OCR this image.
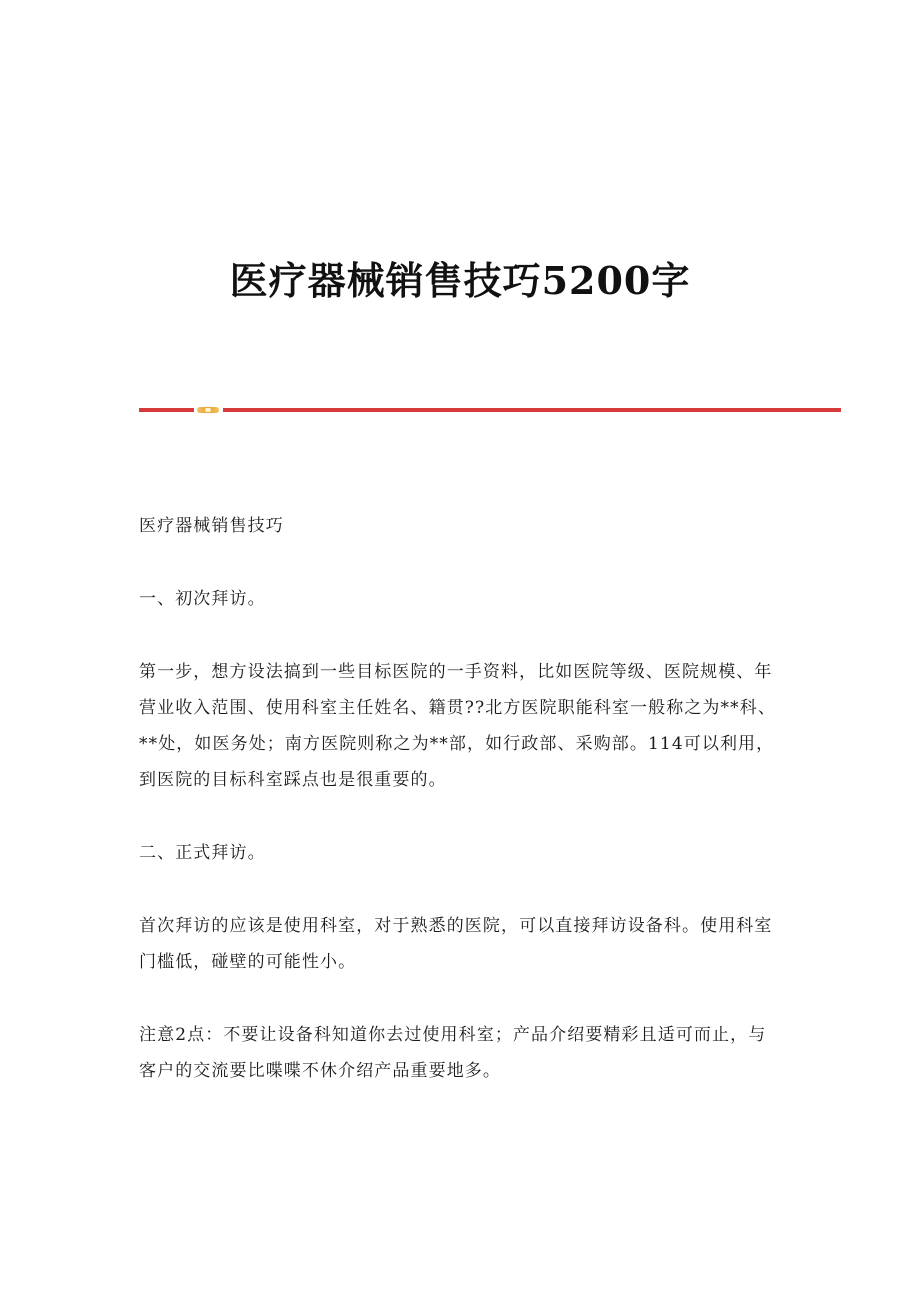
医疗器械销售技巧5200字

医疗器械销售技巧

一、初次拜访。

第一步，想方设法搞到一些目标医院的一手资料，比如医院等级、医院规模、年营业收入范围、使用科室主任姓名、籍贯??北方医院职能科室一般称之为**科、**处，如医务处；南方医院则称之为**部，如行政部、采购部。114可以利用，到医院的目标科室踩点也是很重要的。

二、正式拜访。

首次拜访的应该是使用科室，对于熟悉的医院，可以直接拜访设备科。使用科室门槛低，碰壁的可能性小。

注意2点：不要让设备科知道你去过使用科室；产品介绍要精彩且适可而止，与客户的交流要比喋喋不休介绍产品重要地多。
